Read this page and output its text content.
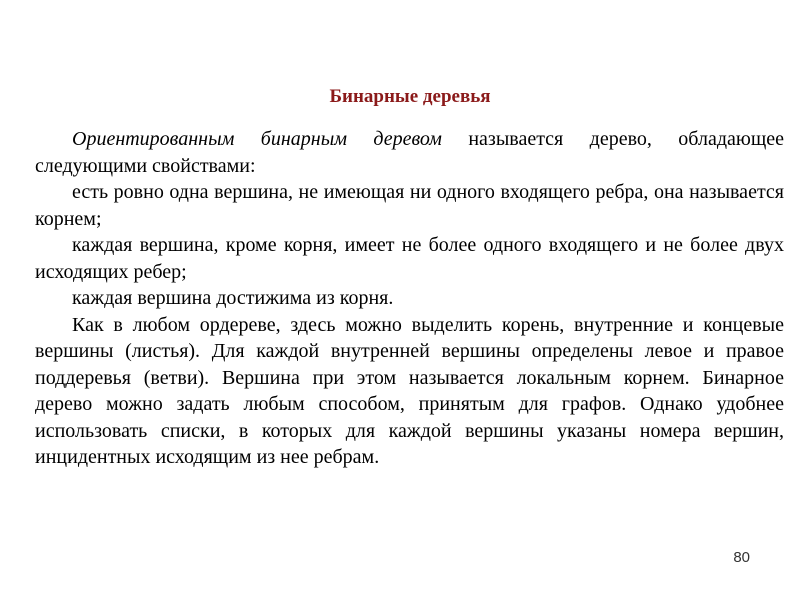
Бинарные деревья

Ориентированным бинарным деревом называется дерево, обладающее следующими свойствами:

есть ровно одна вершина, не имеющая ни одного входящего ребра, она называется корнем;

каждая вершина, кроме корня, имеет не более одного входящего и не более двух исходящих ребер;

каждая вершина достижима из корня.

Как в любом ордереве, здесь можно выделить корень, внутренние и концевые вершины (листья). Для каждой внутренней вершины определены левое и правое поддеревья (ветви). Вершина при этом называется локальным корнем. Бинарное дерево можно задать любым способом, принятым для графов. Однако удобнее использовать списки, в которых для каждой вершины указаны номера вершин, инцидентных исходящим из нее ребрам.

80
